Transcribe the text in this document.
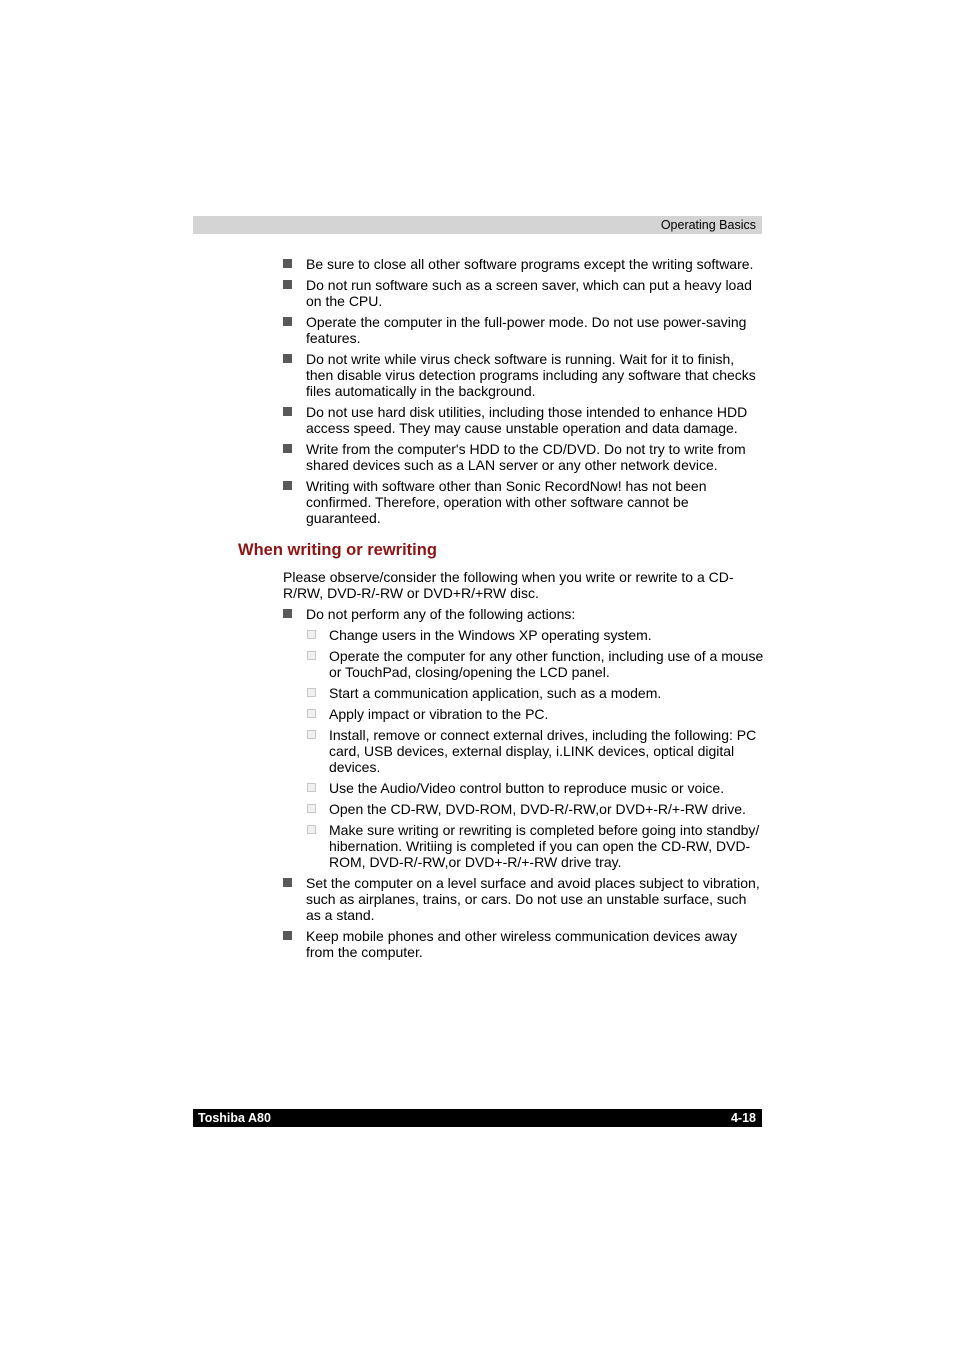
Operating Basics
Be sure to close all other software programs except the writing software.
Do not run software such as a screen saver, which can put a heavy load on the CPU.
Operate the computer in the full-power mode. Do not use power-saving features.
Do not write while virus check software is running. Wait for it to finish, then disable virus detection programs including any software that checks files automatically in the background.
Do not use hard disk utilities, including those intended to enhance HDD access speed. They may cause unstable operation and data damage.
Write from the computer's HDD to the CD/DVD. Do not try to write from shared devices such as a LAN server or any other network device.
Writing with software other than Sonic RecordNow! has not been confirmed. Therefore, operation with other software cannot be guaranteed.
When writing or rewriting
Please observe/consider the following when you write or rewrite to a CD-R/RW, DVD-R/-RW or DVD+R/+RW disc.
Do not perform any of the following actions:
Change users in the Windows XP operating system.
Operate the computer for any other function, including use of a mouse or TouchPad, closing/opening the LCD panel.
Start a communication application, such as a modem.
Apply impact or vibration to the PC.
Install, remove or connect external drives, including the following: PC card, USB devices, external display, i.LINK devices, optical digital devices.
Use the Audio/Video control button to reproduce music or voice.
Open the CD-RW, DVD-ROM, DVD-R/-RW,or DVD+-R/+-RW drive.
Make sure writing or rewriting is completed before going into standby/ hibernation. Writiing is completed if you can open the CD-RW, DVD-ROM, DVD-R/-RW,or DVD+-R/+-RW drive tray.
Set the computer on a level surface and avoid places subject to vibration, such as airplanes, trains, or cars. Do not use an unstable surface, such as a stand.
Keep mobile phones and other wireless communication devices away from the computer.
Toshiba A80	4-18
